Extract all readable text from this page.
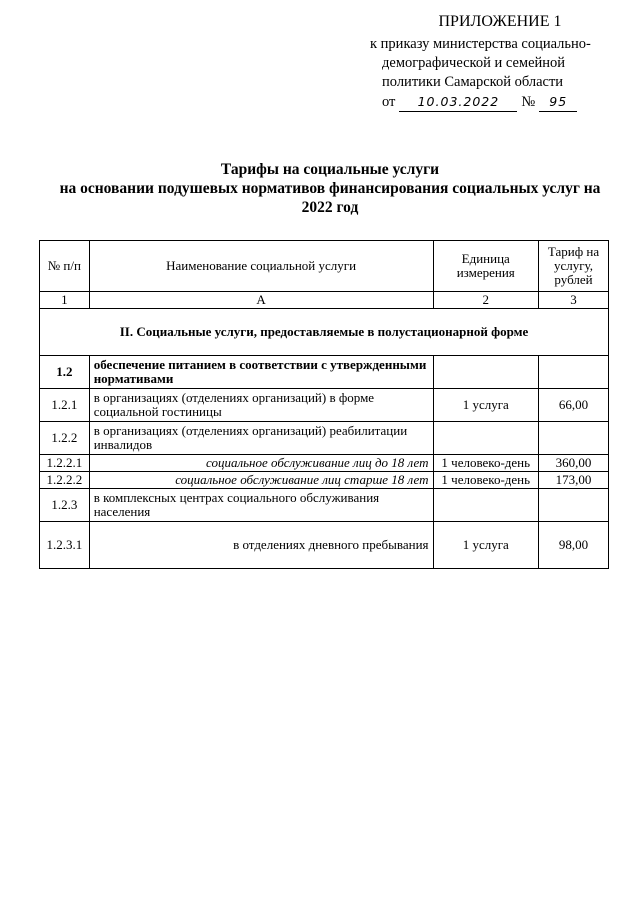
ПРИЛОЖЕНИЕ 1
к приказу министерства социально-
демографической и семейной
политики Самарской области
от 10.03.2022 № 95
Тарифы на социальные услуги
на основании подушевых нормативов финансирования социальных услуг на
2022 год
№ п/п	Наименование социальной услуги	Единица измерения	Тариф на услугу, рублей
1	А	2	3
II. Социальные услуги, предоставляемые в полустационарной форме			
1.2	обеспечение питанием в соответствии с утвержденными нормативами		
1.2.1	в организациях (отделениях организаций) в форме социальной гостиницы	1 услуга	66,00
1.2.2	в организациях (отделениях организаций) реабилитации инвалидов		
1.2.2.1	социальное обслуживание лиц до 18 лет	1 человеко-день	360,00
1.2.2.2	социальное обслуживание лиц старше 18 лет	1 человеко-день	173,00
1.2.3	в комплексных центрах социального обслуживания населения		
1.2.3.1	в отделениях дневного пребывания	1 услуга	98,00
